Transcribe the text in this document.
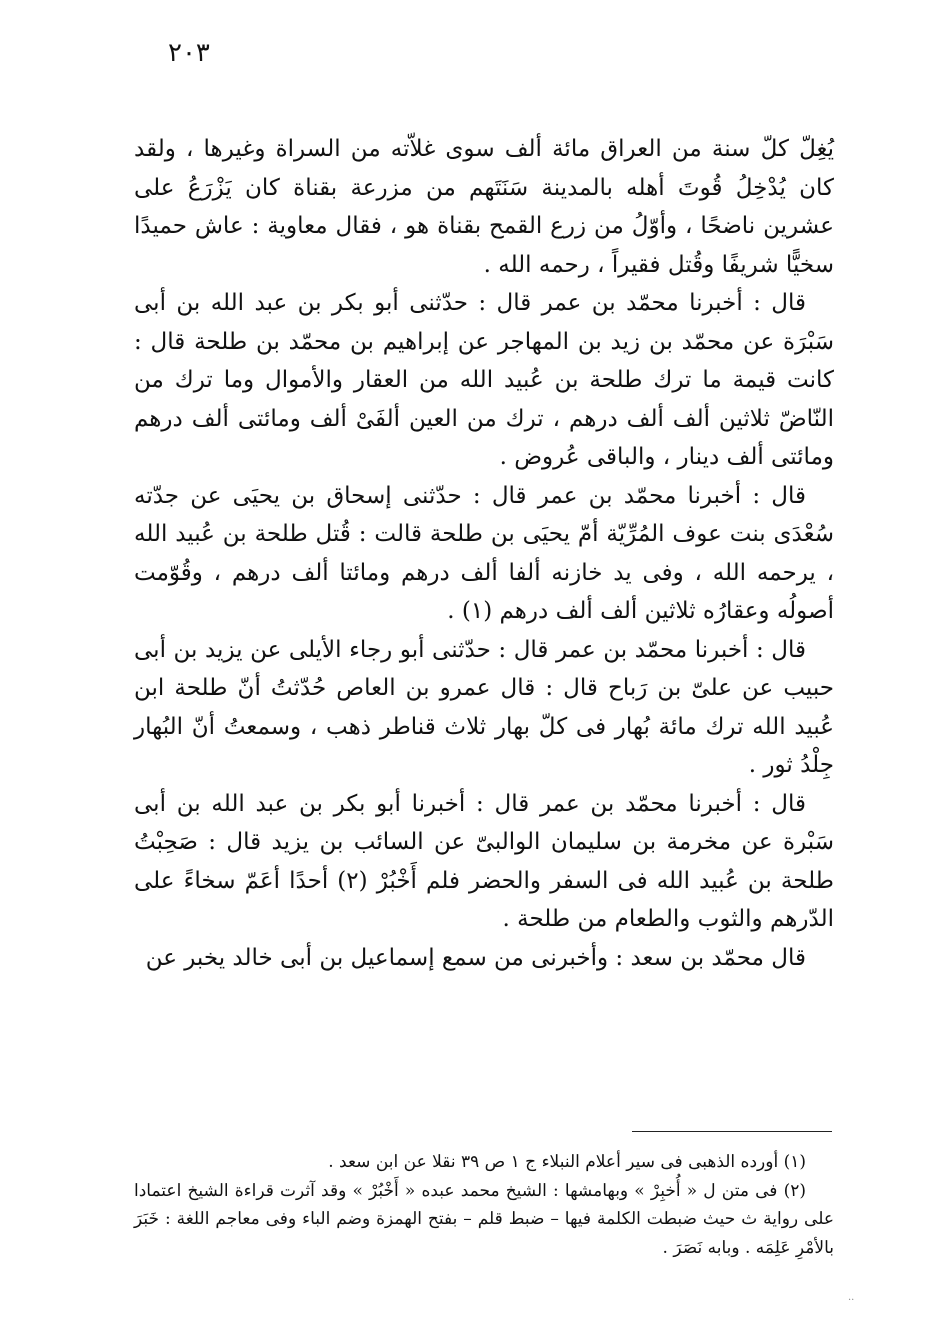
٢٠٣

يُغِلّ كلّ سنة من العراق مائة ألف سوى غلاّته من السراة وغيرها ، ولقد كان يُدْخِلُ قُوتَ أهله بالمدينة سَنَتَهم من مزرعة بقناة كان يَزْرَعُ على عشرين ناضحًا ، وأوّلُ من زرع القمح بقناة هو ، فقال معاوية : عاش حميدًا سخيًّا شريفًا وقُتل فقيراً ، رحمه الله .

قال : أخبرنا محمّد بن عمر قال : حدّثنى أبو بكر بن عبد الله بن أبى سَبْرَة عن محمّد بن زيد بن المهاجر عن إبراهيم بن محمّد بن طلحة قال : كانت قيمة ما ترك طلحة بن عُبيد الله من العقار والأموال وما ترك من النّاضّ ثلاثين ألف ألف درهم ، ترك من العين ألفَىْ ألف ومائتى ألف درهم ومائتى ألف دينار ، والباقى عُروض .

قال : أخبرنا محمّد بن عمر قال : حدّثنى إسحاق بن يحيَى عن جدّته سُعْدَى بنت عوف المُرِّيّة أمّ يحيَى بن طلحة قالت : قُتل طلحة بن عُبيد الله ، يرحمه الله ، وفى يد خازنه ألفا ألف درهم ومائتا ألف درهم ، وقُوّمت أصولُه وعقارُه ثلاثين ألف ألف درهم (١) .

قال : أخبرنا محمّد بن عمر قال : حدّثنى أبو رجاء الأيلى عن يزيد بن أبى حبيب عن علىّ بن رَباح قال : قال عمرو بن العاص حُدّثتُ أنّ طلحة ابن عُبيد الله ترك مائة بُهار فى كلّ بهار ثلاث قناطر ذهب ، وسمعتُ أنّ البُهار جِلْدُ ثور .

قال : أخبرنا محمّد بن عمر قال : أخبرنا أبو بكر بن عبد الله بن أبى سَبْرة عن مخرمة بن سليمان الوالبىّ عن السائب بن يزيد قال : صَحِبْتُ طلحة بن عُبيد الله فى السفر والحضر فلم أَخْبُرْ (٢) أحدًا أعَمّ سخاءً على الدّرهم والثوب والطعام من طلحة .

قال محمّد بن سعد : وأخبرنى من سمع إسماعيل بن أبى خالد يخبر عن

(١) أورده الذهبى فى سير أعلام النبلاء ج ١ ص ٣٩ نقلا عن ابن سعد .

(٢) فى متن ل « أُخبِرْ » وبهامشها : الشيخ محمد عبده « أَخْبُرْ » وقد آثرت قراءة الشيخ اعتمادا على رواية ث حيث ضبطت الكلمة فيها – ضبط قلم – بفتح الهمزة وضم الباء وفى معاجم اللغة : خَبَرَ بالأمْرِ عَلِمَه . وبابه نَصَرَ .

..
